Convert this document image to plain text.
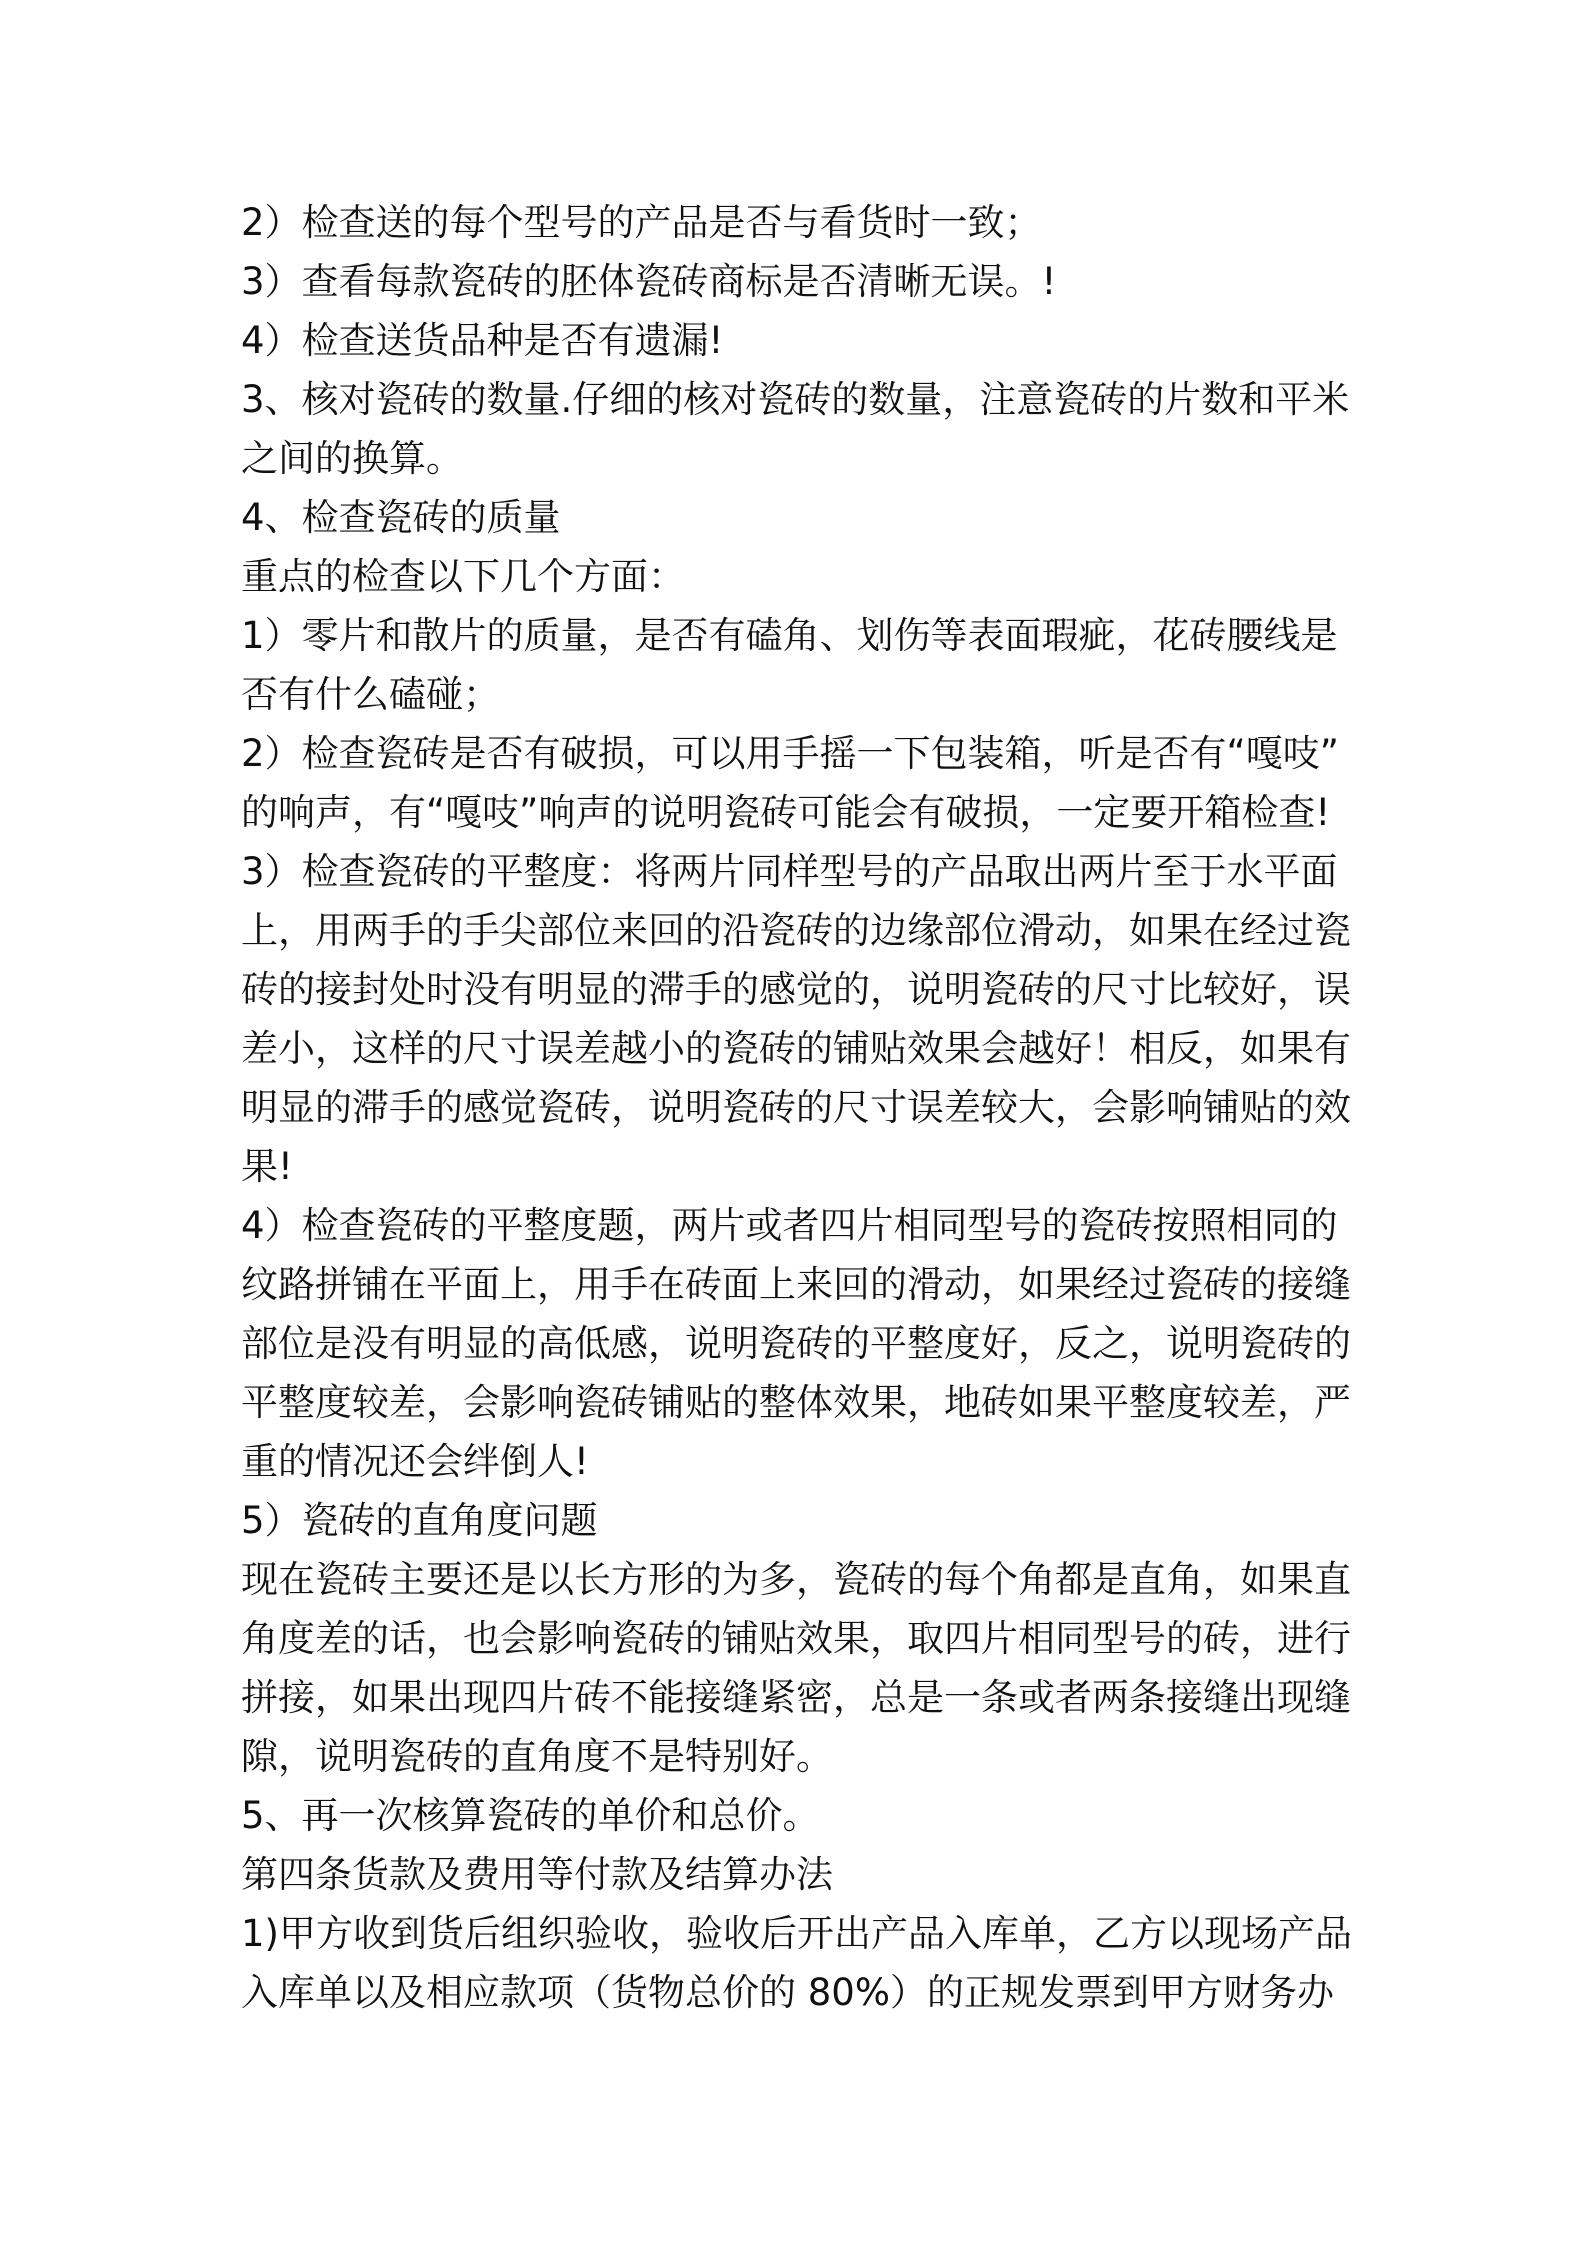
2）检查送的每个型号的产品是否与看货时一致；

3）查看每款瓷砖的胚体瓷砖商标是否清晰无误。!

4）检查送货品种是否有遗漏!

3、核对瓷砖的数量.仔细的核对瓷砖的数量，注意瓷砖的片数和平米

之间的换算。

4、检查瓷砖的质量

重点的检查以下几个方面：

1）零片和散片的质量，是否有磕角、划伤等表面瑕疵，花砖腰线是

否有什么磕碰；

2）检查瓷砖是否有破损，可以用手摇一下包装箱，听是否有“嘎吱”

的响声，有“嘎吱”响声的说明瓷砖可能会有破损，一定要开箱检查!

3）检查瓷砖的平整度：将两片同样型号的产品取出两片至于水平面

上，用两手的手尖部位来回的沿瓷砖的边缘部位滑动，如果在经过瓷

砖的接封处时没有明显的滞手的感觉的，说明瓷砖的尺寸比较好，误

差小，这样的尺寸误差越小的瓷砖的铺贴效果会越好！相反，如果有

明显的滞手的感觉瓷砖，说明瓷砖的尺寸误差较大，会影响铺贴的效

果!

4）检查瓷砖的平整度题，两片或者四片相同型号的瓷砖按照相同的

纹路拼铺在平面上，用手在砖面上来回的滑动，如果经过瓷砖的接缝

部位是没有明显的高低感，说明瓷砖的平整度好，反之，说明瓷砖的

平整度较差，会影响瓷砖铺贴的整体效果，地砖如果平整度较差，严

重的情况还会绊倒人!

5）瓷砖的直角度问题

现在瓷砖主要还是以长方形的为多，瓷砖的每个角都是直角，如果直

角度差的话，也会影响瓷砖的铺贴效果，取四片相同型号的砖，进行

拼接，如果出现四片砖不能接缝紧密，总是一条或者两条接缝出现缝

隙，说明瓷砖的直角度不是特别好。

5、再一次核算瓷砖的单价和总价。

第四条货款及费用等付款及结算办法

1)甲方收到货后组织验收，验收后开出产品入库单，乙方以现场产品

入库单以及相应款项（货物总价的 80%）的正规发票到甲方财务办
